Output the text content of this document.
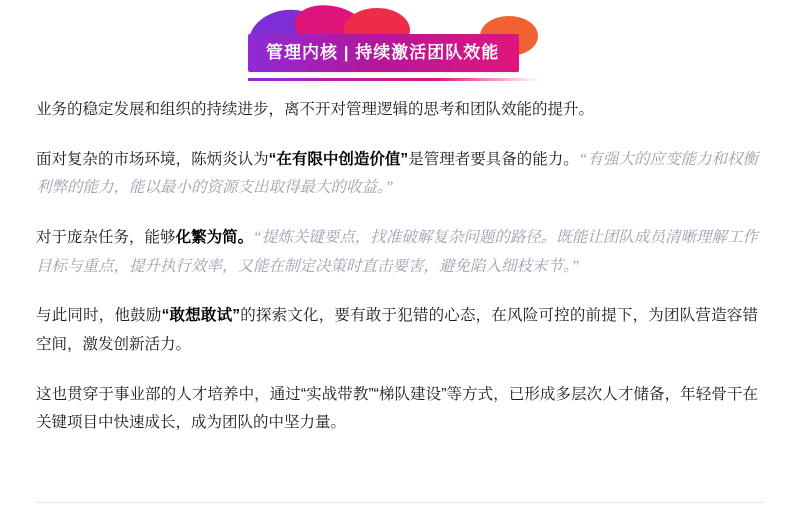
管理内核 | 持续激活团队效能

业务的稳定发展和组织的持续进步，离不开对管理逻辑的思考和团队效能的提升。

面对复杂的市场环境，陈炳炎认为“在有限中创造价值”是管理者要具备的能力。“有强大的应变能力和权衡利弊的能力，能以最小的资源支出取得最大的收益。”

对于庞杂任务，能够化繁为简。“提炼关键要点，找准破解复杂问题的路径。既能让团队成员清晰理解工作目标与重点，提升执行效率，又能在制定决策时直击要害，避免陷入细枝末节。”

与此同时，他鼓励“敢想敢试”的探索文化，要有敢于犯错的心态，在风险可控的前提下，为团队营造容错空间，激发创新活力。

这也贯穿于事业部的人才培养中，通过“实战带教”“梯队建设”等方式，已形成多层次人才储备，年轻骨干在关键项目中快速成长，成为团队的中坚力量。
